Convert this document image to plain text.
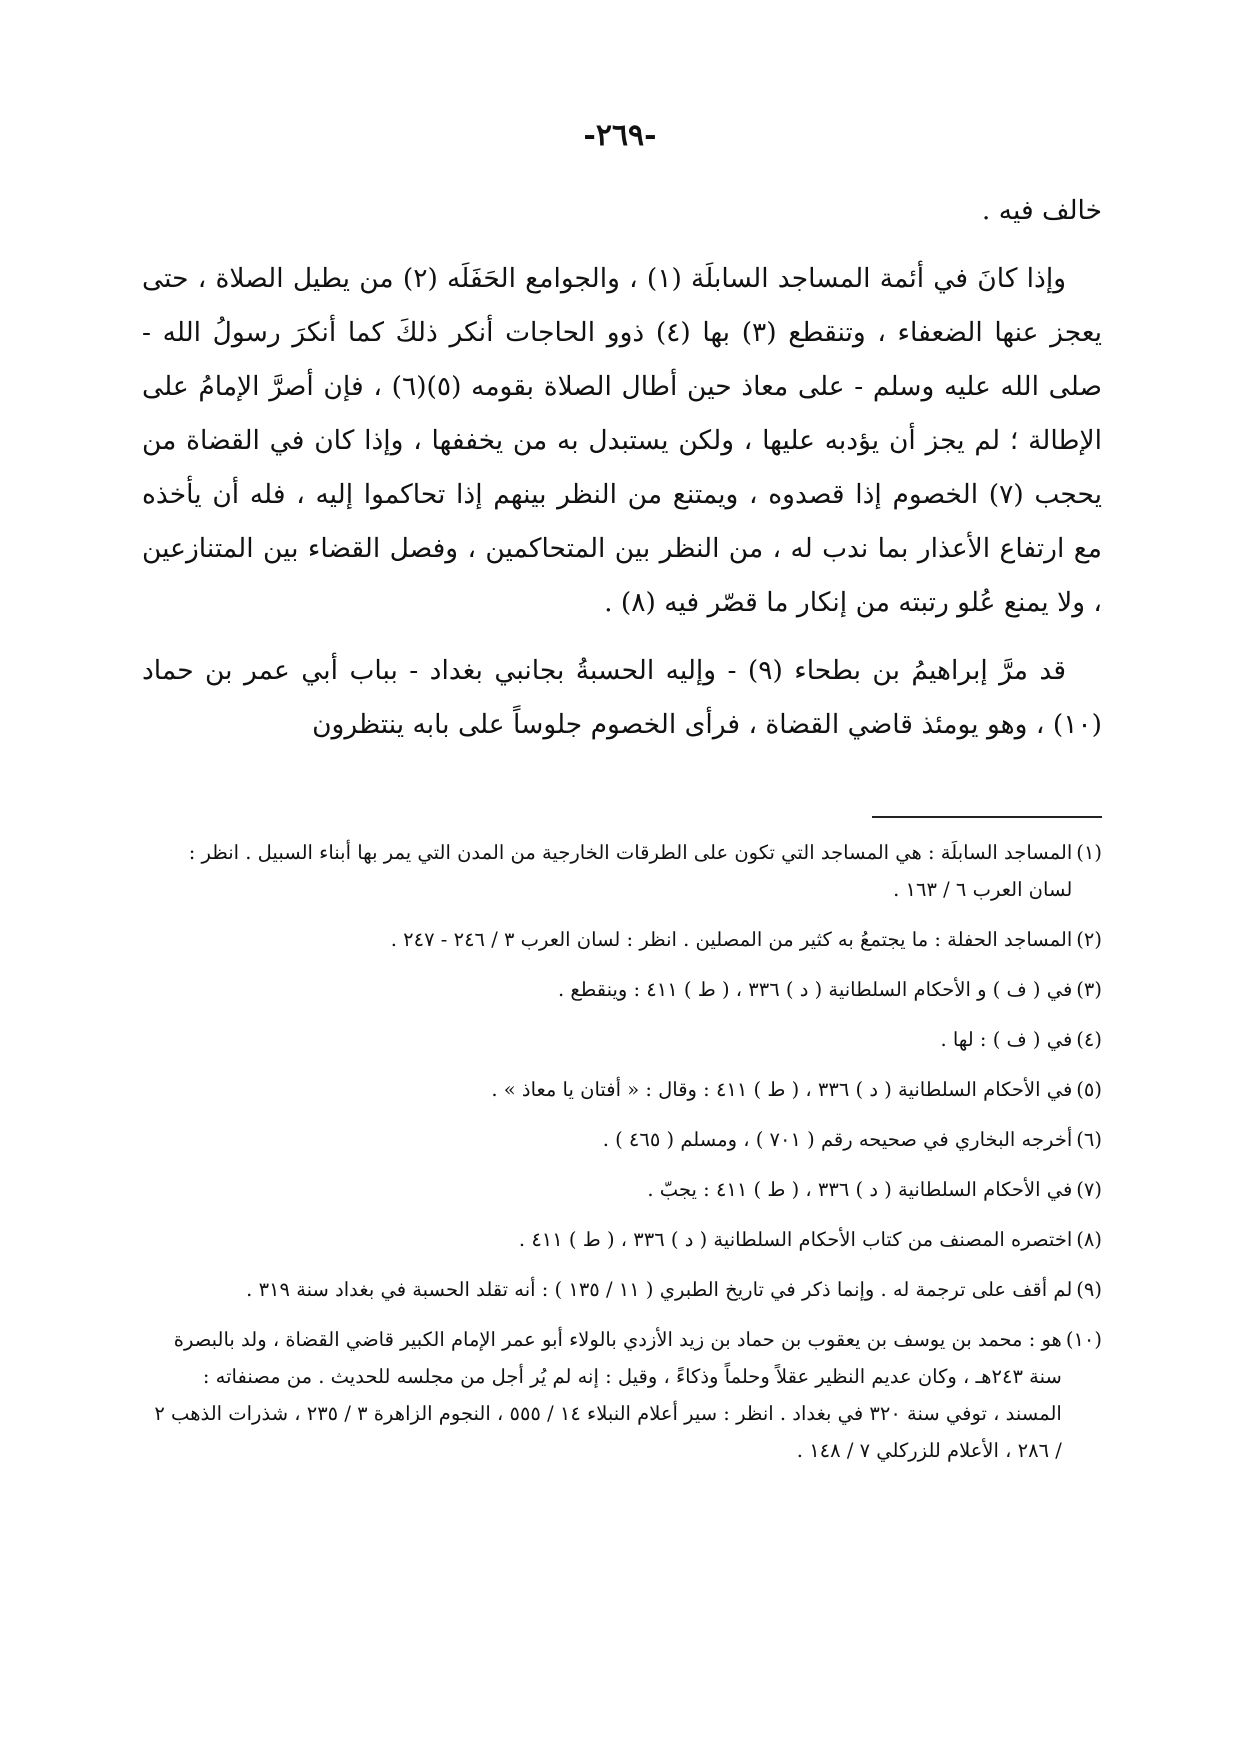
-٢٦٩-

خالف فيه .

وإذا كانَ في أئمة المساجد السابلَة (١) ، والجوامع الحَفَلَه (٢) من يطيل الصلاة ، حتى يعجز عنها الضعفاء ، وتنقطع (٣) بها (٤) ذوو الحاجات أنكر ذلكَ كما أنكرَ رسولُ الله - صلى الله عليه وسلم - على معاذ حين أطال الصلاة بقومه (٥)(٦) ، فإن أصرَّ الإمامُ على الإطالة ؛ لم يجز أن يؤدبه عليها ، ولكن يستبدل به من يخففها ، وإذا كان في القضاة من يحجب (٧) الخصوم إذا قصدوه ، ويمتنع من النظر بينهم إذا تحاكموا إليه ، فله أن يأخذه مع ارتفاع الأعذار بما ندب له ، من النظر بين المتحاكمين ، وفصل القضاء بين المتنازعين ، ولا يمنع عُلو رتبته من إنكار ما قصّر فيه (٨) .

قد مرَّ إبراهيمُ بن بطحاء (٩) - وإليه الحسبةُ بجانبي بغداد - بباب أبي عمر بن حماد (١٠) ، وهو يومئذ قاضي القضاة ، فرأى الخصوم جلوساً على بابه ينتظرون

(١)
المساجد السابلَة : هي المساجد التي تكون على الطرقات الخارجية من المدن التي يمر بها أبناء السبيل . انظر : لسان العرب ٦ / ١٦٣ .
(٢)
المساجد الحفلة : ما يجتمعُ به كثير من المصلين . انظر : لسان العرب ٣ / ٢٤٦ - ٢٤٧ .
(٣)
في ( ف ) و الأحكام السلطانية ( د ) ٣٣٦ ، ( ط ) ٤١١ : وينقطع .
(٤)
في ( ف ) : لها .
(٥)
في الأحكام السلطانية ( د ) ٣٣٦ ، ( ط ) ٤١١ : وقال : « أفتان يا معاذ » .
(٦)
أخرجه البخاري في صحيحه رقم ( ٧٠١ ) ، ومسلم ( ٤٦٥ ) .
(٧)
في الأحكام السلطانية ( د ) ٣٣٦ ، ( ط ) ٤١١ : يجبّ .
(٨)
اختصره المصنف من كتاب الأحكام السلطانية ( د ) ٣٣٦ ، ( ط ) ٤١١ .
(٩)
لم أقف على ترجمة له . وإنما ذكر في تاريخ الطبري ( ١١ / ١٣٥ ) : أنه تقلد الحسبة في بغداد سنة ٣١٩ .
(١٠)
هو : محمد بن يوسف بن يعقوب بن حماد بن زيد الأزدي بالولاء أبو عمر الإمام الكبير قاضي القضاة ، ولد بالبصرة سنة ٢٤٣هـ ، وكان عديم النظير عقلاً وحلماً وذكاءً ، وقيل : إنه لم يُر أجل من مجلسه للحديث . من مصنفاته : المسند ، توفي سنة ٣٢٠ في بغداد . انظر : سير أعلام النبلاء ١٤ / ٥٥٥ ، النجوم الزاهرة ٣ / ٢٣٥ ، شذرات الذهب ٢ / ٢٨٦ ، الأعلام للزركلي ٧ / ١٤٨ .
